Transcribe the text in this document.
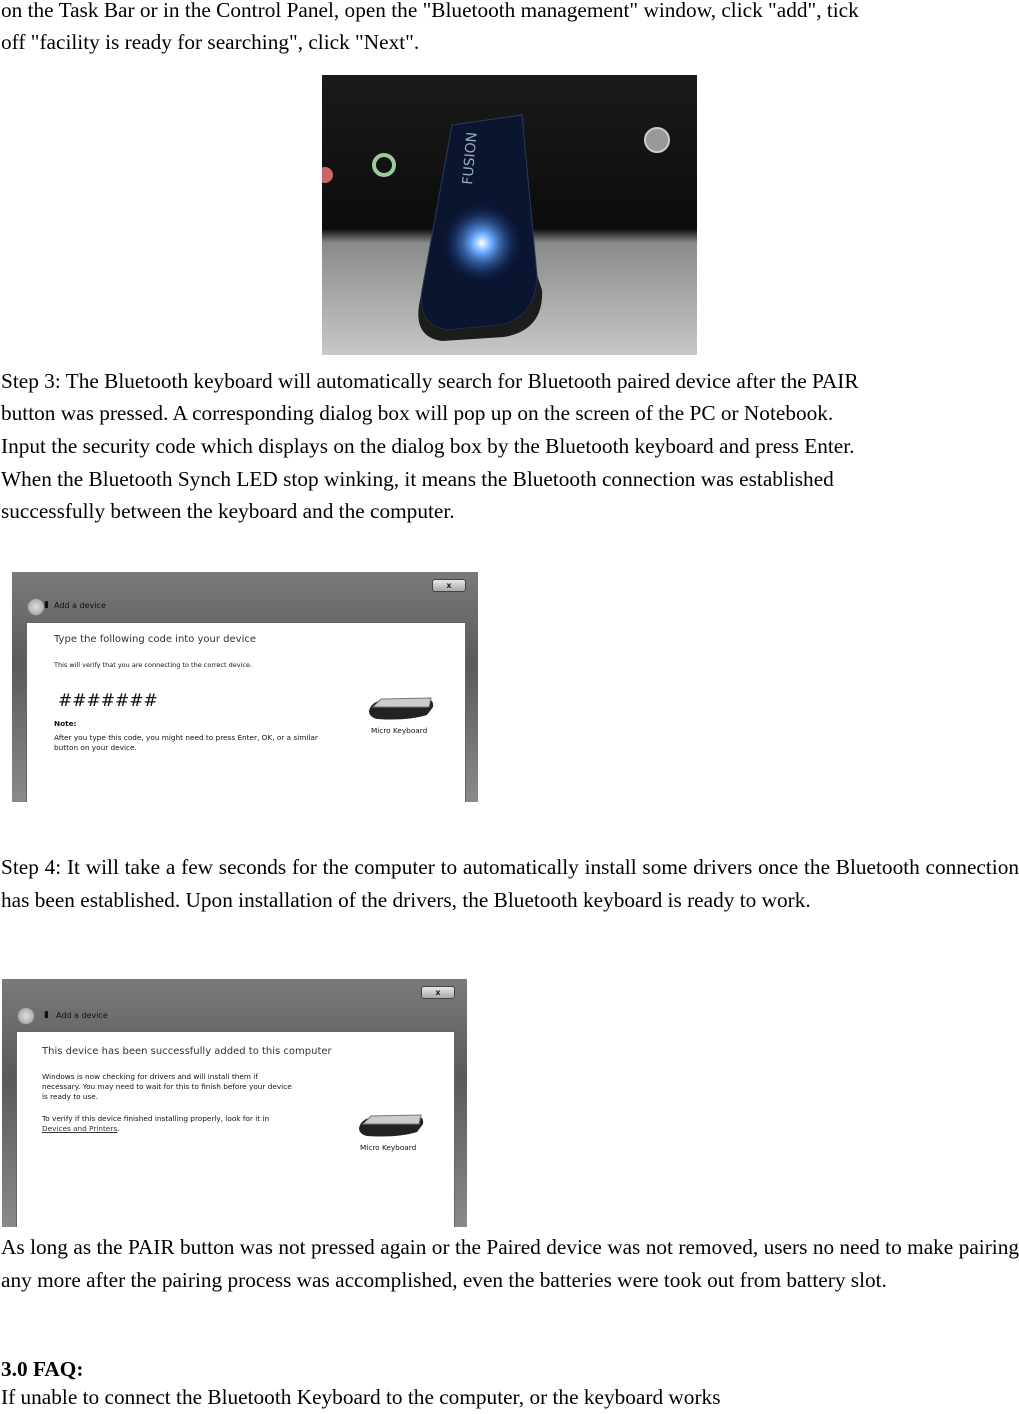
on the Task Bar or in the Control Panel, open the "Bluetooth management" window, click "add", tick

off "facility is ready for searching", click "Next".

FUSION

Step 3: The Bluetooth keyboard will automatically search for Bluetooth paired device after the PAIR

button was pressed. A corresponding dialog box will pop up on the screen of the PC or Notebook.

Input the security code which displays on the dialog box by the Bluetooth keyboard and press Enter.

When the Bluetooth Synch LED stop winking, it means the Bluetooth connection was established

successfully between the keyboard and the computer.

x
▮ Add a device
Type the following code into your device
This will verify that you are connecting to the correct device.
#######
Note:
After you type this code, you might need to press Enter, OK, or a similar
button on your device.
Micro Keyboard

Step 4: It will take a few seconds for the computer to automatically install some drivers once the Bluetooth connection has been established. Upon installation of the drivers, the Bluetooth keyboard is ready to work.

x
▮ Add a device
This device has been successfully added to this computer
Windows is now checking for drivers and will install them if
necessary. You may need to wait for this to finish before your device
is ready to use.
To verify if this device finished installing properly, look for it in
Devices and Printers.
Micro Keyboard

As long as the PAIR button was not pressed again or the Paired device was not removed, users no need to make pairing any more after the pairing process was accomplished, even the batteries were took out from battery slot.

3.0 FAQ:

If unable to connect the Bluetooth Keyboard to the computer, or the keyboard works
